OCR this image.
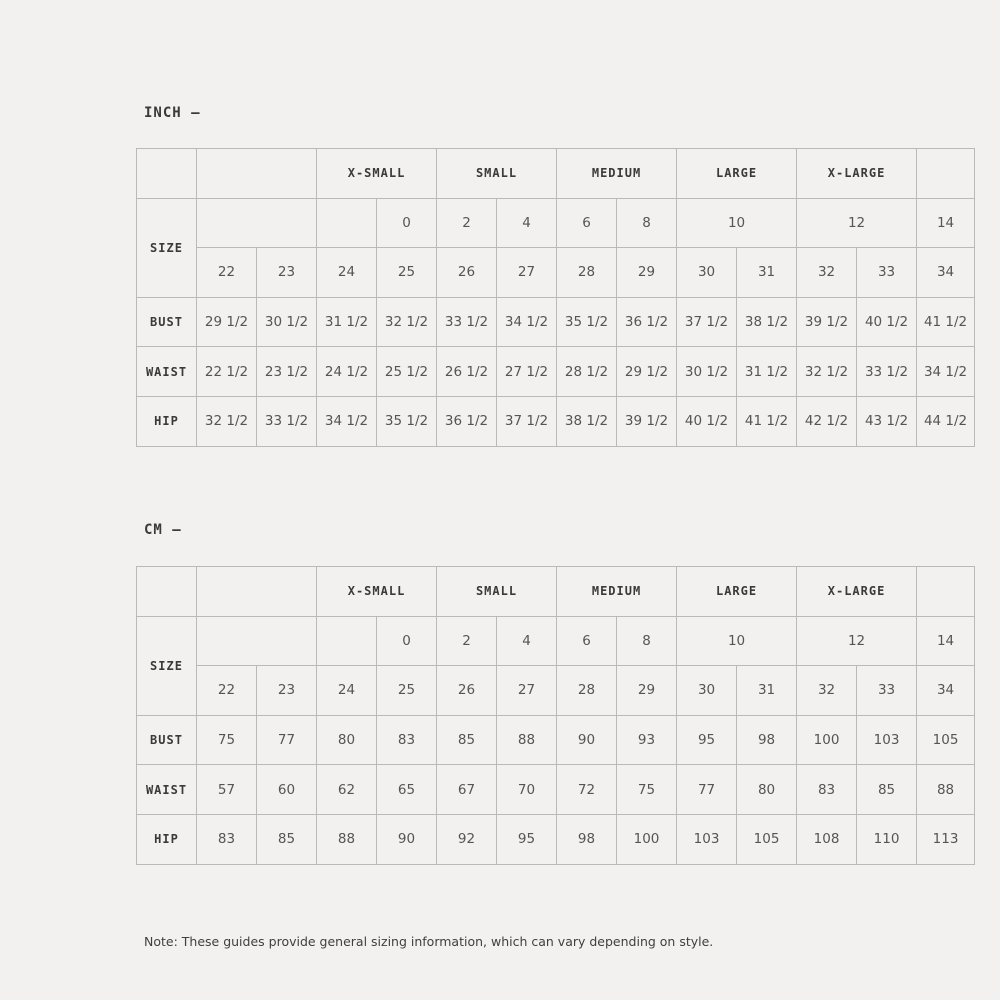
INCH –
			X-SMALL		SMALL		MEDIUM		LARGE		X-LARGE		
SIZE				0	2	4	6	8	10		12		14
	22	23	24	25	26	27	28	29	30	31	32	33	34
BUST	29 1/2	30 1/2	31 1/2	32 1/2	33 1/2	34 1/2	35 1/2	36 1/2	37 1/2	38 1/2	39 1/2	40 1/2	41 1/2
WAIST	22 1/2	23 1/2	24 1/2	25 1/2	26 1/2	27 1/2	28 1/2	29 1/2	30 1/2	31 1/2	32 1/2	33 1/2	34 1/2
HIP	32 1/2	33 1/2	34 1/2	35 1/2	36 1/2	37 1/2	38 1/2	39 1/2	40 1/2	41 1/2	42 1/2	43 1/2	44 1/2
CM –
			X-SMALL		SMALL		MEDIUM		LARGE		X-LARGE		
SIZE				0	2	4	6	8	10		12		14
	22	23	24	25	26	27	28	29	30	31	32	33	34
BUST	75	77	80	83	85	88	90	93	95	98	100	103	105
WAIST	57	60	62	65	67	70	72	75	77	80	83	85	88
HIP	83	85	88	90	92	95	98	100	103	105	108	110	113

Note: These guides provide general sizing information, which can vary depending on style.
